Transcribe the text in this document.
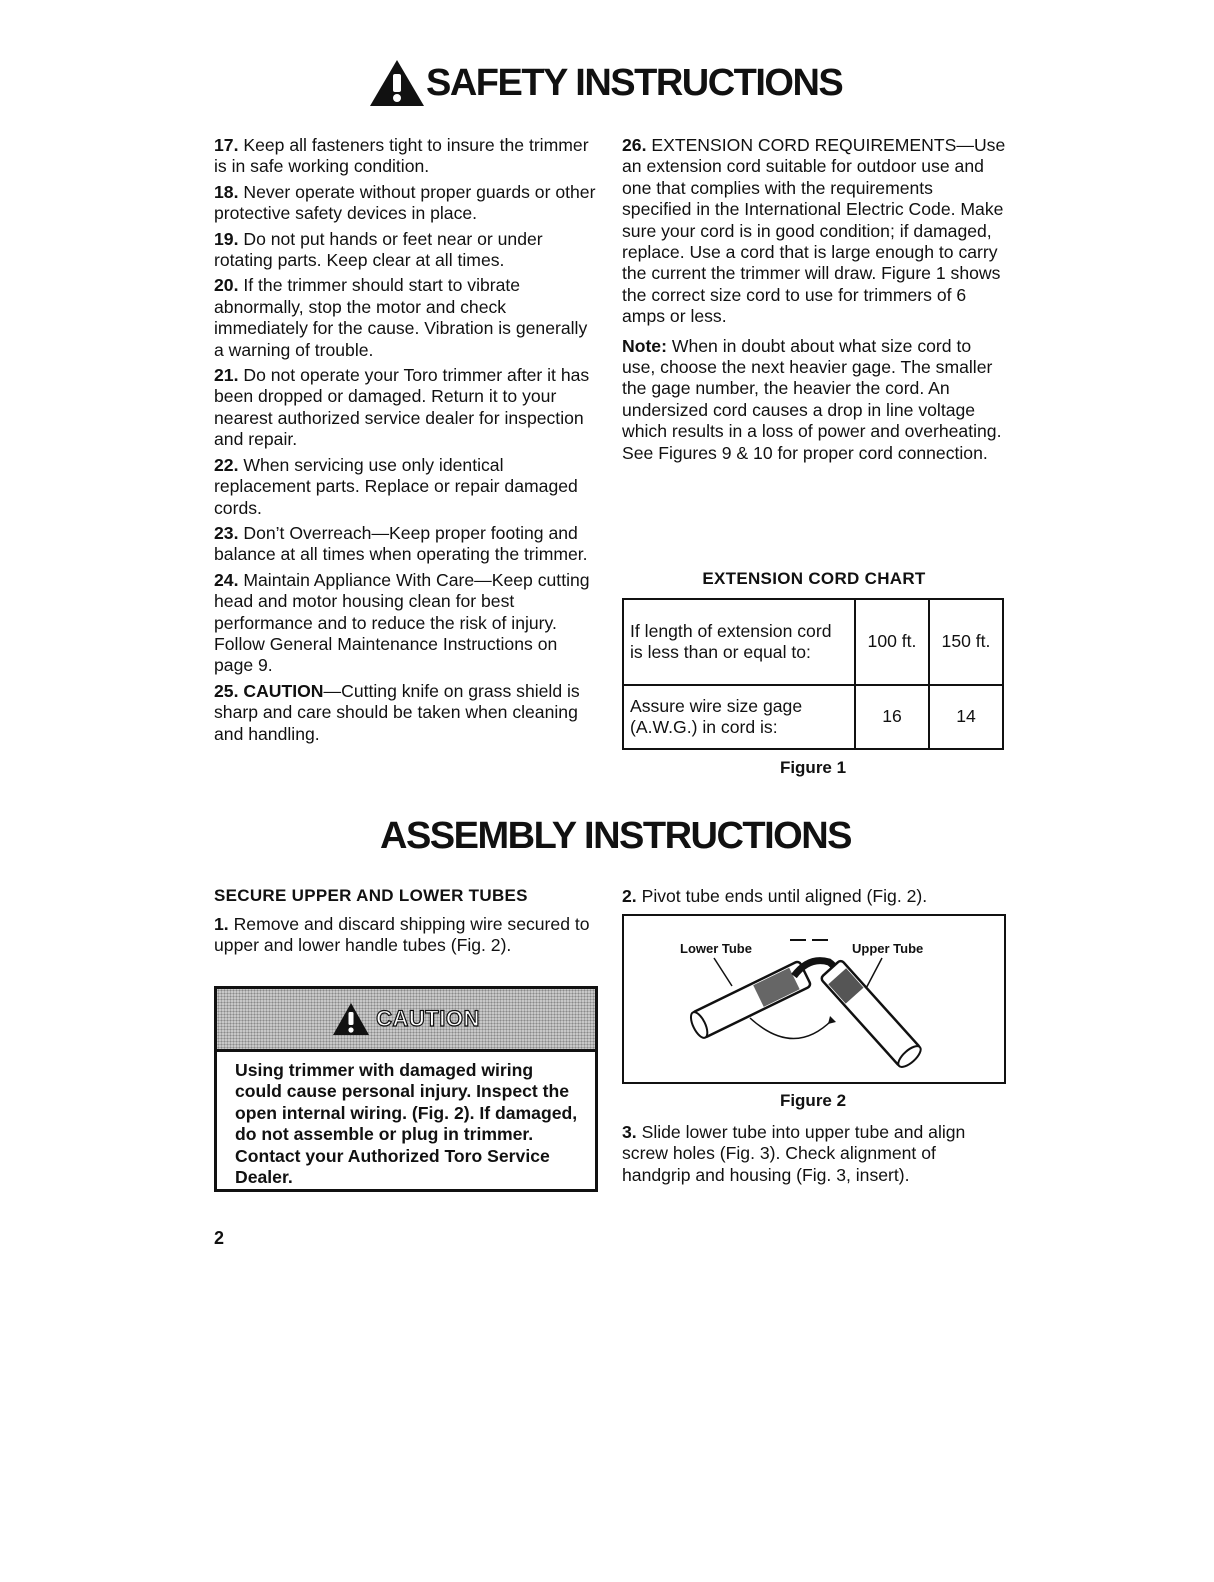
SAFETY INSTRUCTIONS

17. Keep all fasteners tight to insure the trimmer is in safe working condition.

18. Never operate without proper guards or other protective safety devices in place.

19. Do not put hands or feet near or under rotating parts. Keep clear at all times.

20. If the trimmer should start to vibrate abnormally, stop the motor and check immediately for the cause. Vibration is generally a warning of trouble.

21. Do not operate your Toro trimmer after it has been dropped or damaged. Return it to your nearest authorized service dealer for inspection and repair.

22. When servicing use only identical replacement parts. Replace or repair damaged cords.

23. Don’t Overreach—Keep proper footing and balance at all times when operating the trimmer.

24. Maintain Appliance With Care—Keep cutting head and motor housing clean for best performance and to reduce the risk of injury. Follow General Maintenance Instructions on page 9.

25. CAUTION—Cutting knife on grass shield is sharp and care should be taken when cleaning and handling.

26. EXTENSION CORD REQUIREMENTS—Use an extension cord suitable for outdoor use and one that complies with the requirements specified in the International Electric Code. Make sure your cord is in good condition; if damaged, replace. Use a cord that is large enough to carry the current the trimmer will draw. Figure 1 shows the correct size cord to use for trimmers of 6 amps or less.

Note: When in doubt about what size cord to use, choose the next heavier gage. The smaller the gage number, the heavier the cord. An undersized cord causes a drop in line voltage which results in a loss of power and overheating. See Figures 9 & 10 for proper cord connection.

EXTENSION CORD CHART
If length of extension cord is less than or equal to:	100 ft.	150 ft.
Assure wire size gage (A.W.G.) in cord is:	16	14
Figure 1
ASSEMBLY INSTRUCTIONS
SECURE UPPER AND LOWER TUBES

1. Remove and discard shipping wire secured to upper and lower handle tubes (Fig. 2).

CAUTION
Using trimmer with damaged wiring could cause personal injury. Inspect the open internal wiring. (Fig. 2). If damaged, do not assemble or plug in trimmer. Contact your Authorized Toro Service Dealer.

2. Pivot tube ends until aligned (Fig. 2).

Lower Tube	Upper Tube
Figure 2

3. Slide lower tube into upper tube and align screw holes (Fig. 3). Check alignment of handgrip and housing (Fig. 3, insert).

2
